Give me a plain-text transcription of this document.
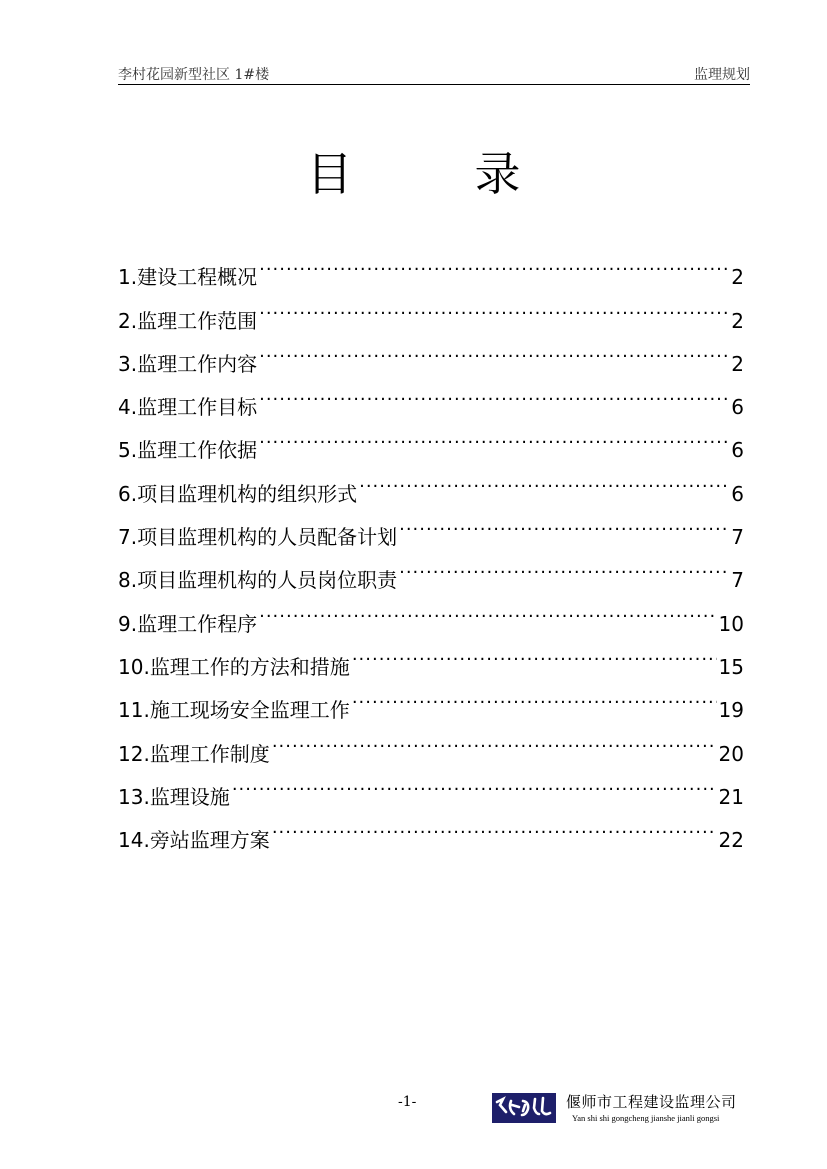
李村花园新型社区 1#楼	监理规划
目录
1. 建设工程概况 .....	2
2. 监理工作范围 .....	2
3. 监理工作内容 .....	2
4. 监理工作目标 .....	6
5. 监理工作依据 .....	6
6. 项目监理机构的组织形式 .....	6
7. 项目监理机构的人员配备计划 .....	7
8. 项目监理机构的人员岗位职责 .....	7
9. 监理工作程序 .....	10
10. 监理工作的方法和措施 .....	15
11. 施工现场安全监理工作 .....	19
12. 监理工作制度 .....	20
13. 监理设施 .....	21
14. 旁站监理方案 .....	22
-1-	偃师市工程建设监理公司
Yan shi shi gongcheng jianshe jianli gongsi
